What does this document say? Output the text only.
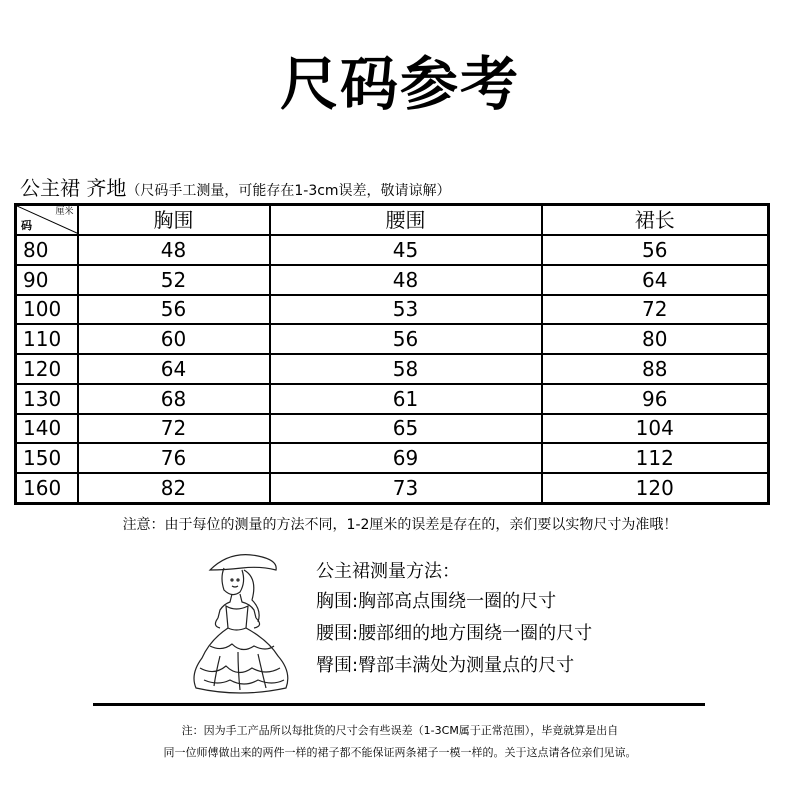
尺码参考
公主裙 齐地（尺码手工测量，可能存在1-3cm误差，敬请谅解）
厘米
码	胸围	腰围	裙长
80	48	45	56
90	52	48	64
100	56	53	72
110	60	56	80
120	64	58	88
130	68	61	96
140	72	65	104
150	76	69	112
160	82	73	120
注意：由于每位的测量的方法不同，1-2厘米的误差是存在的，亲们要以实物尺寸为准哦！
公主裙测量方法：
胸围:胸部高点围绕一圈的尺寸
腰围:腰部细的地方围绕一圈的尺寸
臀围:臀部丰满处为测量点的尺寸
注：因为手工产品所以每批货的尺寸会有些误差（1-3CM属于正常范围），毕竟就算是出自
同一位师傅做出来的两件一样的裙子都不能保证两条裙子一模一样的。关于这点请各位亲们见谅。
